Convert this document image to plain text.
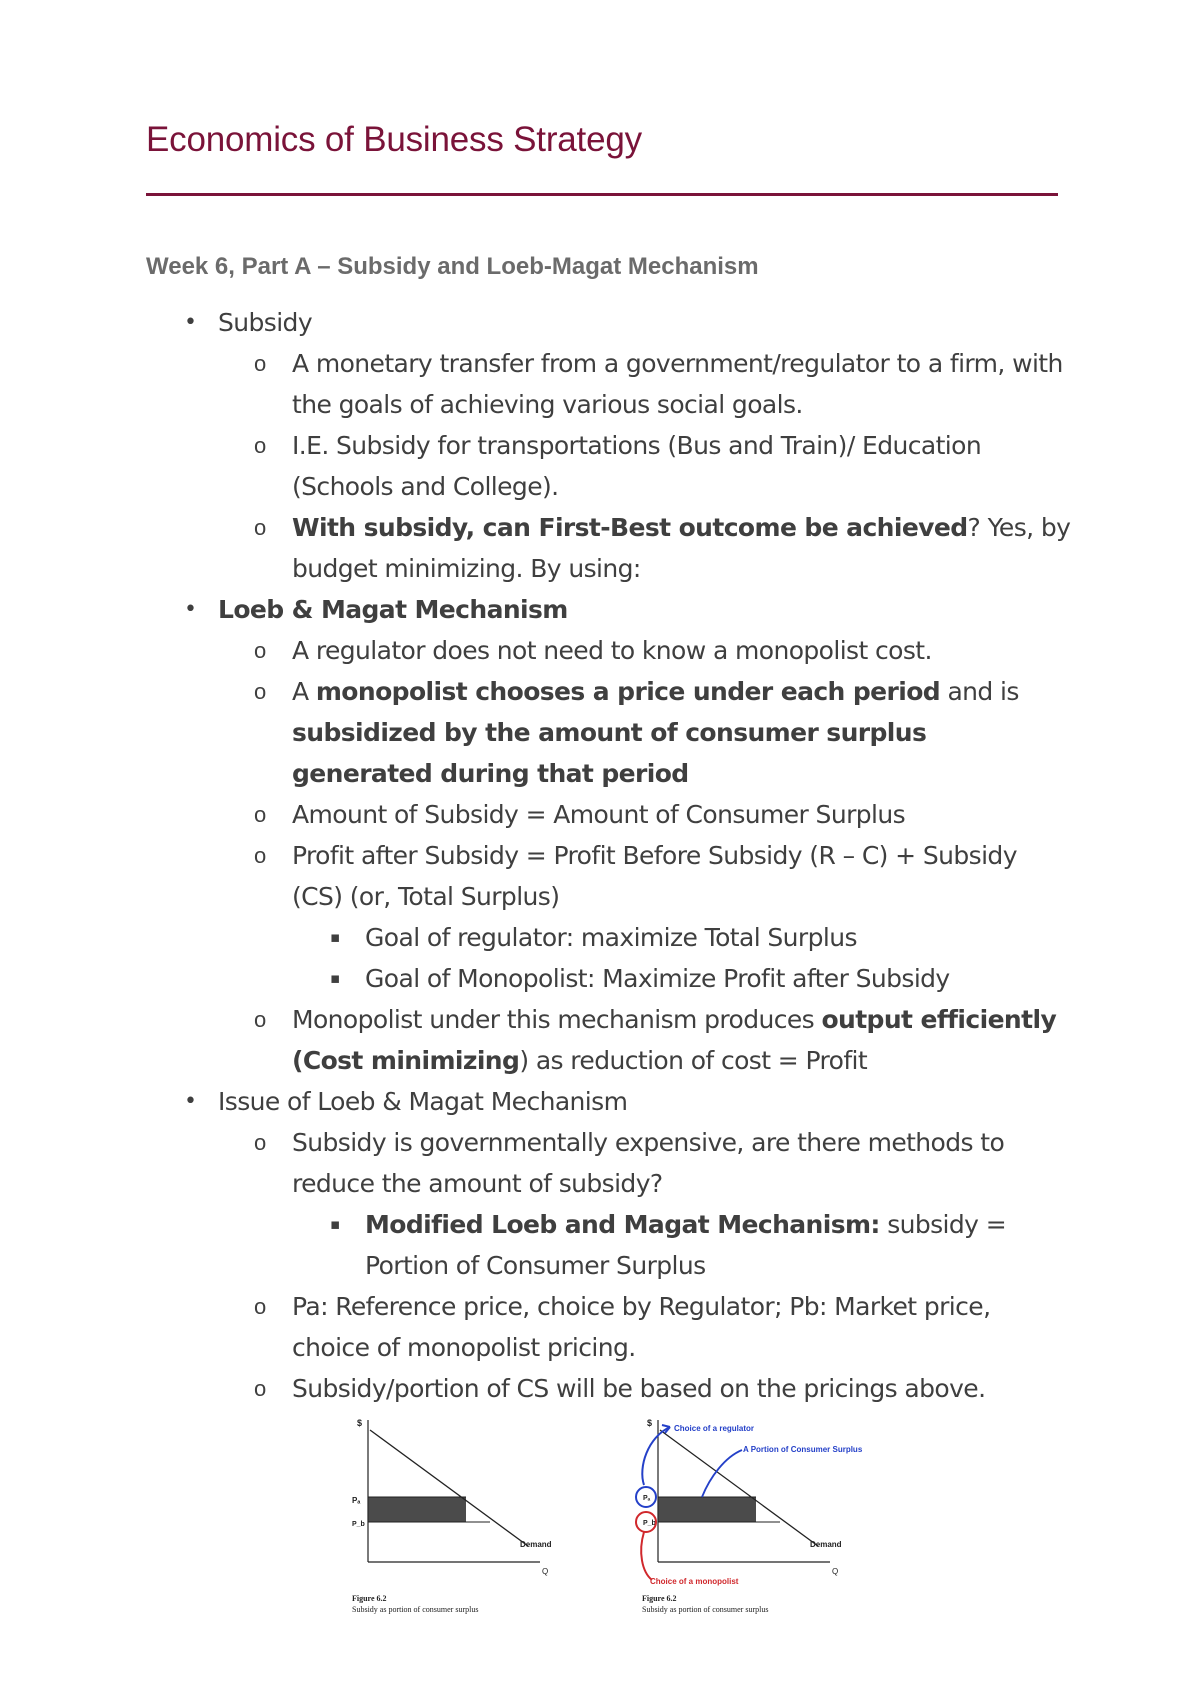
Economics of Business Strategy
Week 6, Part A – Subsidy and Loeb-Magat Mechanism
• Subsidy
o A monetary transfer from a government/regulator to a firm, with the goals of achieving various social goals.
o I.E. Subsidy for transportations (Bus and Train)/ Education (Schools and College).
o With subsidy, can First-Best outcome be achieved? Yes, by budget minimizing. By using:
• Loeb & Magat Mechanism
o A regulator does not need to know a monopolist cost.
o A monopolist chooses a price under each period and is subsidized by the amount of consumer surplus generated during that period
o Amount of Subsidy = Amount of Consumer Surplus
o Profit after Subsidy = Profit Before Subsidy (R – C) + Subsidy (CS) (or, Total Surplus)
▪ Goal of regulator: maximize Total Surplus
▪ Goal of Monopolist: Maximize Profit after Subsidy
o Monopolist under this mechanism produces output efficiently (Cost minimizing) as reduction of cost = Profit
• Issue of Loeb & Magat Mechanism
o Subsidy is governmentally expensive, are there methods to reduce the amount of subsidy?
▪ Modified Loeb and Magat Mechanism: subsidy = Portion of Consumer Surplus
o Pa: Reference price, choice by Regulator; Pb: Market price, choice of monopolist pricing.
o Subsidy/portion of CS will be based on the pricings above.
$
Demand
Pₐ
P_b
Q
Figure 6.2
Subsidy as portion of consumer surplus
$
Demand
Pₐ
P_b
Q
Choice of a regulator
A Portion of Consumer Surplus
Choice of a monopolist
Figure 6.2
Subsidy as portion of consumer surplus
